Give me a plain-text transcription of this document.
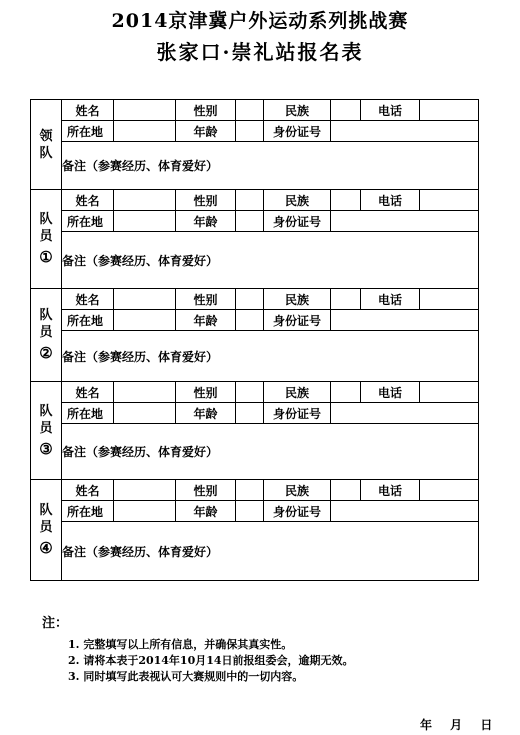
2014京津冀户外运动系列挑战赛
张家口·崇礼站报名表
领
队	姓名		性别		民族		电话	
	所在地		年龄		身份证号			
	备注（参赛经历、体育爱好）							
队
员
①	姓名		性别		民族		电话	
	所在地		年龄		身份证号			
	备注（参赛经历、体育爱好）							
队
员
②	姓名		性别		民族		电话	
	所在地		年龄		身份证号			
	备注（参赛经历、体育爱好）							
队
员
③	姓名		性别		民族		电话	
	所在地		年龄		身份证号			
	备注（参赛经历、体育爱好）							
队
员
④	姓名		性别		民族		电话	
	所在地		年龄		身份证号			
	备注（参赛经历、体育爱好）							
注：
1. 完整填写以上所有信息，并确保其真实性。
2. 请将本表于2014年10月14日前报组委会，逾期无效。
3. 同时填写此表视认可大赛规则中的一切内容。
年 月 日
